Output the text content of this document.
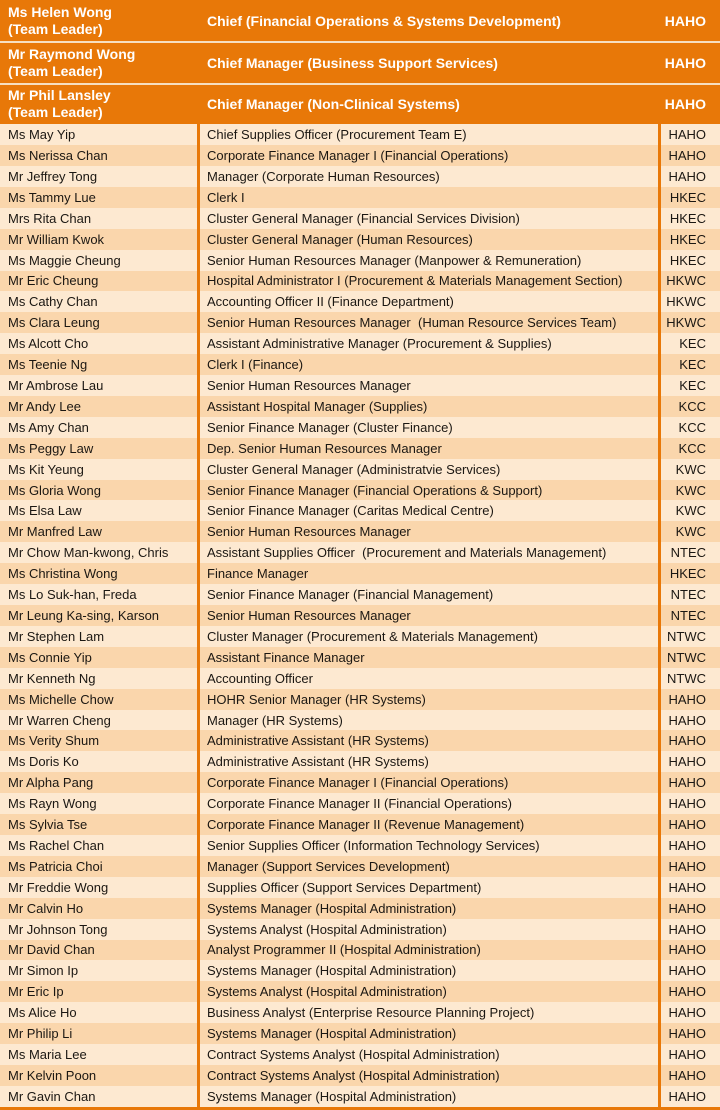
Ms Helen Wong
(Team Leader)	Chief (Financial Operations & Systems Development)	HAHO
Mr Raymond Wong
(Team Leader)	Chief Manager (Business Support Services)	HAHO
Mr Phil Lansley
(Team Leader)	Chief Manager (Non-Clinical Systems)	HAHO
Ms May Yip	Chief Supplies Officer (Procurement Team E)	HAHO
Ms Nerissa Chan	Corporate Finance Manager I (Financial Operations)	HAHO
Mr Jeffrey Tong	Manager (Corporate Human Resources)	HAHO
Ms Tammy Lue	Clerk I	HKEC
Mrs Rita Chan	Cluster General Manager (Financial Services Division)	HKEC
Mr William Kwok	Cluster General Manager (Human Resources)	HKEC
Ms Maggie Cheung	Senior Human Resources Manager (Manpower & Remuneration)	HKEC
Mr Eric Cheung	Hospital Administrator I (Procurement & Materials Management Section)	HKWC
Ms Cathy Chan	Accounting Officer II (Finance Department)	HKWC
Ms Clara Leung	Senior Human Resources Manager  (Human Resource Services Team)	HKWC
Ms Alcott Cho	Assistant Administrative Manager (Procurement & Supplies)	KEC
Ms Teenie Ng	Clerk I (Finance)	KEC
Mr Ambrose Lau	Senior Human Resources Manager	KEC
Mr Andy Lee	Assistant Hospital Manager (Supplies)	KCC
Ms Amy Chan	Senior Finance Manager (Cluster Finance)	KCC
Ms Peggy Law	Dep. Senior Human Resources Manager	KCC
Ms Kit Yeung	Cluster General Manager (Administratvie Services)	KWC
Ms Gloria Wong	Senior Finance Manager (Financial Operations & Support)	KWC
Ms Elsa Law	Senior Finance Manager (Caritas Medical Centre)	KWC
Mr Manfred Law	Senior Human Resources Manager	KWC
Mr Chow Man-kwong, Chris	Assistant Supplies Officer  (Procurement and Materials Management)	NTEC
Ms Christina Wong	Finance Manager	HKEC
Ms Lo Suk-han, Freda	Senior Finance Manager (Financial Management)	NTEC
Mr Leung Ka-sing, Karson	Senior Human Resources Manager	NTEC
Mr Stephen Lam	Cluster Manager (Procurement & Materials Management)	NTWC
Ms Connie Yip	Assistant Finance Manager	NTWC
Mr Kenneth Ng	Accounting Officer	NTWC
Ms Michelle Chow	HOHR Senior Manager (HR Systems)	HAHO
Mr Warren Cheng	Manager (HR Systems)	HAHO
Ms Verity Shum	Administrative Assistant (HR Systems)	HAHO
Ms Doris Ko	Administrative Assistant (HR Systems)	HAHO
Mr Alpha Pang	Corporate Finance Manager I (Financial Operations)	HAHO
Ms Rayn Wong	Corporate Finance Manager II (Financial Operations)	HAHO
Ms Sylvia Tse	Corporate Finance Manager II (Revenue Management)	HAHO
Ms Rachel Chan	Senior Supplies Officer (Information Technology Services)	HAHO
Ms Patricia Choi	Manager (Support Services Development)	HAHO
Mr Freddie Wong	Supplies Officer (Support Services Department)	HAHO
Mr Calvin Ho	Systems Manager (Hospital Administration)	HAHO
Mr Johnson Tong	Systems Analyst (Hospital Administration)	HAHO
Mr David Chan	Analyst Programmer II (Hospital Administration)	HAHO
Mr Simon Ip	Systems Manager (Hospital Administration)	HAHO
Mr Eric Ip	Systems Analyst (Hospital Administration)	HAHO
Ms Alice Ho	Business Analyst (Enterprise Resource Planning Project)	HAHO
Mr Philip Li	Systems Manager (Hospital Administration)	HAHO
Ms Maria Lee	Contract Systems Analyst (Hospital Administration)	HAHO
Mr Kelvin Poon	Contract Systems Analyst (Hospital Administration)	HAHO
Mr Gavin Chan	Systems Manager (Hospital Administration)	HAHO
